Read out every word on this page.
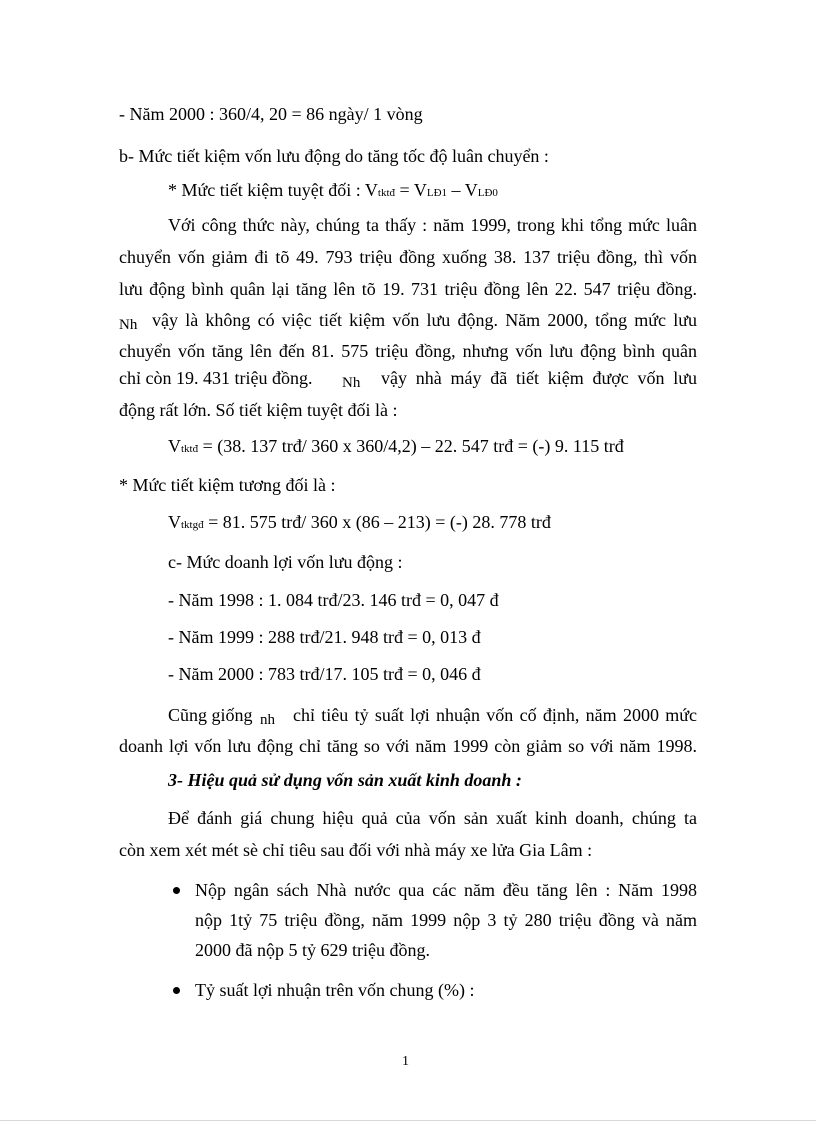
- Năm 2000 : 360/4, 20 = 86 ngày/ 1 vòng
b- Mức tiết kiệm vốn lưu động do tăng tốc độ luân chuyển :
* Mức tiết kiệm tuyệt đối : Vtktđ = VLĐ1 – VLĐ0
Với công thức này, chúng ta thấy : năm 1999, trong khi tổng mức luân
chuyển vốn giảm đi tõ 49. 793 triệu đồng xuống 38. 137 triệu đồng, thì vốn
lưu động bình quân lại tăng lên tõ 19. 731 triệu đồng lên 22. 547 triệu đồng.
Nh vậy là không có việc tiết kiệm vốn lưu động. Năm 2000, tổng mức lưu
chuyển vốn tăng lên đến 81. 575 triệu đồng, nhưng vốn lưu động bình quân
chỉ còn 19. 431 triệu đồng. Nh vậy nhà máy đã tiết kiệm được vốn lưu
động rất lớn. Số tiết kiệm tuyệt đối là :
Vtktđ = (38. 137 trđ/ 360 x 360/4,2) – 22. 547 trđ = (-) 9. 115 trđ
* Mức tiết kiệm tương đối là :
Vtktgđ = 81. 575 trđ/ 360 x (86 – 213) = (-) 28. 778 trđ
c- Mức doanh lợi vốn lưu động :
- Năm 1998 : 1. 084 trđ/23. 146 trđ = 0, 047 đ
- Năm 1999 : 288 trđ/21. 948 trđ = 0, 013 đ
- Năm 2000 : 783 trđ/17. 105 trđ = 0, 046 đ
Cũng giống nh chỉ tiêu tỷ suất lợi nhuận vốn cố định, năm 2000 mức
doanh lợi vốn lưu động chỉ tăng so với năm 1999 còn giảm so với năm 1998.
3- Hiệu quả sử dụng vốn sản xuất kinh doanh :
Để đánh giá chung hiệu quả của vốn sản xuất kinh doanh, chúng ta
còn xem xét mét sè chỉ tiêu sau đối với nhà máy xe lửa Gia Lâm :
Nộp ngân sách Nhà nước qua các năm đều tăng lên : Năm 1998
nộp 1tỷ 75 triệu đồng, năm 1999 nộp 3 tỷ 280 triệu đồng và năm
2000 đã nộp 5 tỷ 629 triệu đồng.
Tỷ suất lợi nhuận trên vốn chung (%) :
1
